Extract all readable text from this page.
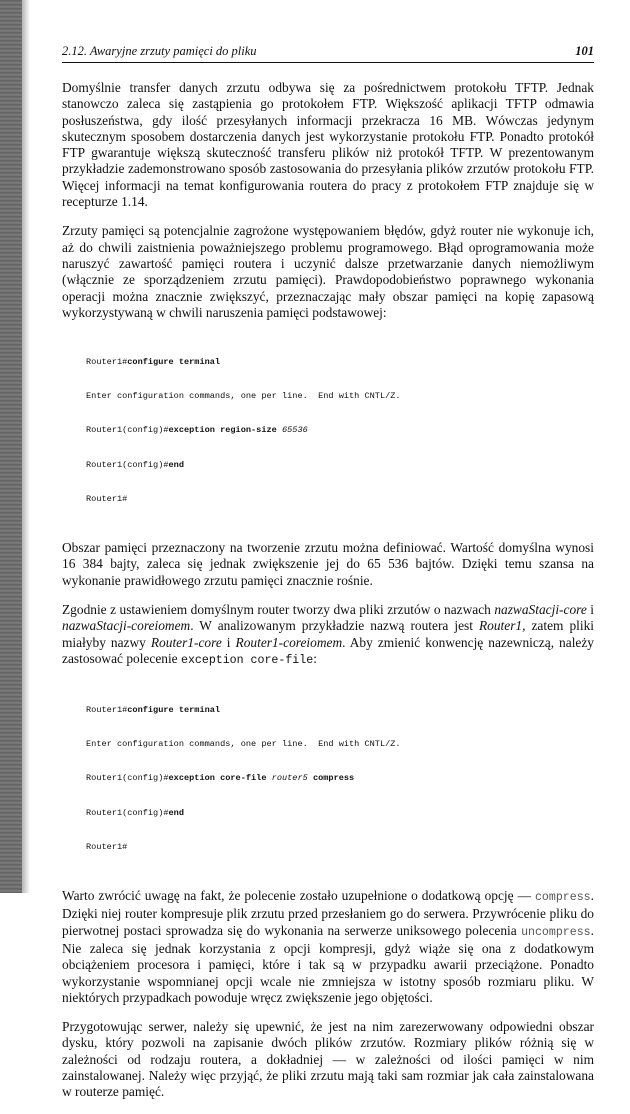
2.12. Awaryjne zrzuty pamięci do pliku	101

Domyślnie transfer danych zrzutu odbywa się za pośrednictwem protokołu TFTP. Jednak stanowczo zaleca się zastąpienia go protokołem FTP. Większość aplikacji TFTP odmawia posłuszeństwa, gdy ilość przesyłanych informacji przekracza 16 MB. Wówczas jedynym skutecznym sposobem dostarczenia danych jest wykorzystanie protokołu FTP. Ponadto protokół FTP gwarantuje większą skuteczność transferu plików niż protokół TFTP. W prezentowanym przykładzie zademonstrowano sposób zastosowania do przesyłania plików zrzutów protokołu FTP. Więcej informacji na temat konfigurowania routera do pracy z protokołem FTP znajduje się w recepturze 1.14.

Zrzuty pamięci są potencjalnie zagrożone występowaniem błędów, gdyż router nie wykonuje ich, aż do chwili zaistnienia poważniejszego problemu programowego. Błąd oprogramowania może naruszyć zawartość pamięci routera i uczynić dalsze przetwarzanie danych niemożliwym (włącznie ze sporządzeniem zrzutu pamięci). Prawdopodobieństwo poprawnego wykonania operacji można znacznie zwiększyć, przeznaczając mały obszar pamięci na kopię zapasową wykorzystywaną w chwili naruszenia pamięci podstawowej:

Router1#configure terminal

Enter configuration commands, one per line.  End with CNTL/Z.

Router1(config)#exception region-size 65536

Router1(config)#end

Router1#

Obszar pamięci przeznaczony na tworzenie zrzutu można definiować. Wartość domyślna wynosi 16 384 bajty, zaleca się jednak zwiększenie jej do 65 536 bajtów. Dzięki temu szansa na wykonanie prawidłowego zrzutu pamięci znacznie rośnie.

Zgodnie z ustawieniem domyślnym router tworzy dwa pliki zrzutów o nazwach nazwaStacji-core i nazwaStacji-coreiomem. W analizowanym przykładzie nazwą routera jest Router1, zatem pliki miałyby nazwy Router1-core i Router1-coreiomem. Aby zmienić konwencję nazewniczą, należy zastosować polecenie exception core-file:

Router1#configure terminal

Enter configuration commands, one per line.  End with CNTL/Z.

Router1(config)#exception core-file router5 compress

Router1(config)#end

Router1#

Warto zwrócić uwagę na fakt, że polecenie zostało uzupełnione o dodatkową opcję — compress. Dzięki niej router kompresuje plik zrzutu przed przesłaniem go do serwera. Przywrócenie pliku do pierwotnej postaci sprowadza się do wykonania na serwerze uniksowego polecenia uncompress. Nie zaleca się jednak korzystania z opcji kompresji, gdyż wiąże się ona z dodatkowym obciążeniem procesora i pamięci, które i tak są w przypadku awarii przeciążone. Ponadto wykorzystanie wspomnianej opcji wcale nie zmniejsza w istotny sposób rozmiaru pliku. W niektórych przypadkach powoduje wręcz zwiększenie jego objętości.

Przygotowując serwer, należy się upewnić, że jest na nim zarezerwowany odpowiedni obszar dysku, który pozwoli na zapisanie dwóch plików zrzutów. Rozmiary plików różnią się w zależności od rodzaju routera, a dokładniej — w zależności od ilości pamięci w nim zainstalowanej. Należy więc przyjąć, że pliki zrzutu mają taki sam rozmiar jak cała zainstalowana w routerze pamięć.
